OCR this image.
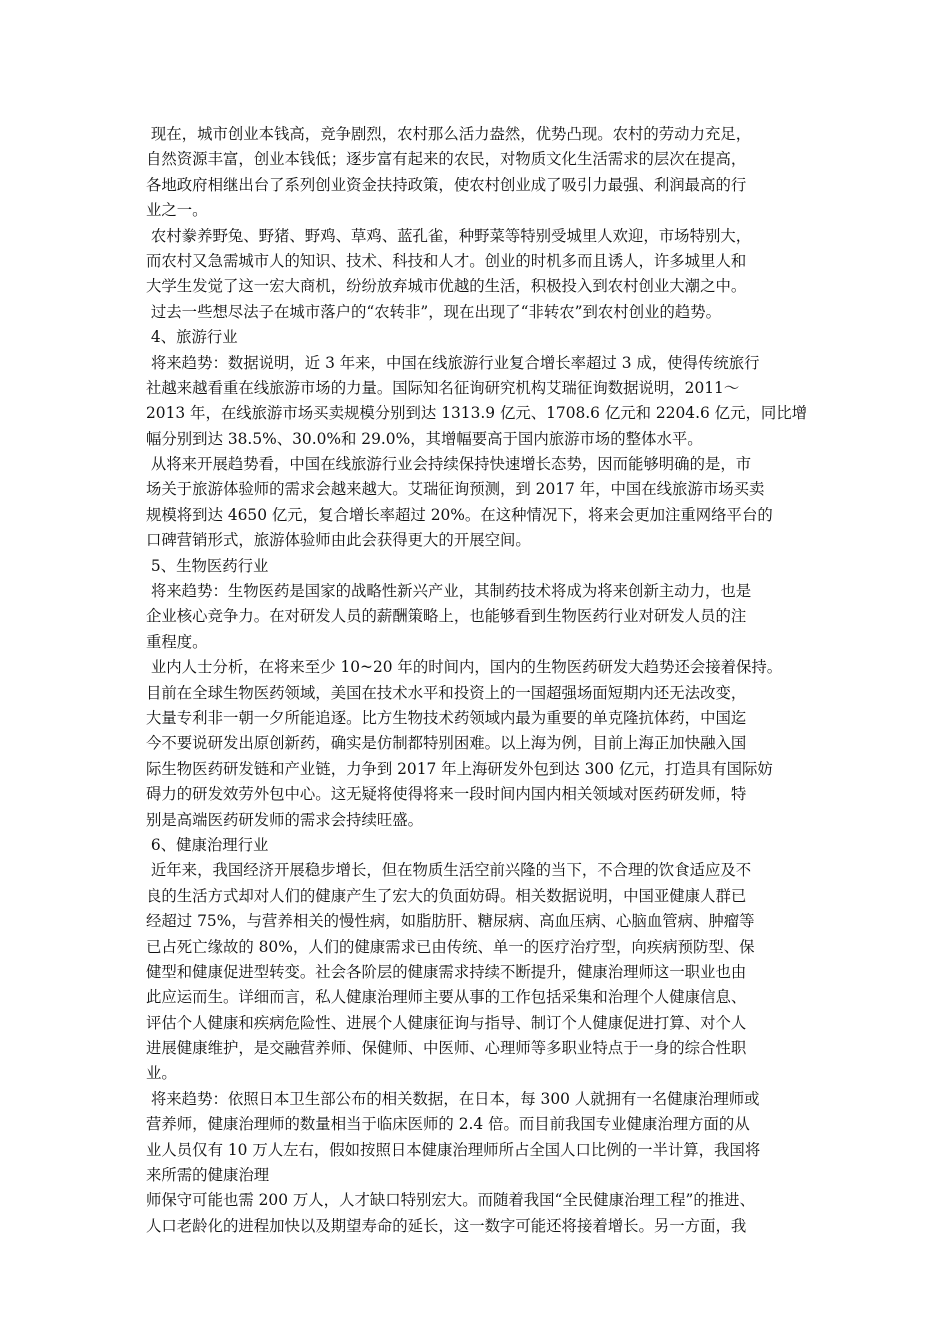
现在，城市创业本钱高，竞争剧烈，农村那么活力盎然，优势凸现。农村的劳动力充足，
自然资源丰富，创业本钱低；逐步富有起来的农民，对物质文化生活需求的层次在提高，
各地政府相继出台了系列创业资金扶持政策，使农村创业成了吸引力最强、利润最高的行
业之一。
农村豢养野兔、野猪、野鸡、草鸡、蓝孔雀，种野菜等特别受城里人欢迎，市场特别大，
而农村又急需城市人的知识、技术、科技和人才。创业的时机多而且诱人，许多城里人和
大学生发觉了这一宏大商机，纷纷放弃城市优越的生活，积极投入到农村创业大潮之中。
过去一些想尽法子在城市落户的“农转非”，现在出现了“非转农”到农村创业的趋势。
4、旅游行业
将来趋势：数据说明，近 3 年来，中国在线旅游行业复合增长率超过 3 成，使得传统旅行
社越来越看重在线旅游市场的力量。国际知名征询研究机构艾瑞征询数据说明，2011～
2013 年，在线旅游市场买卖规模分别到达 1313.9 亿元、1708.6 亿元和 2204.6 亿元，同比增
幅分别到达 38.5%、30.0%和 29.0%，其增幅要高于国内旅游市场的整体水平。
从将来开展趋势看，中国在线旅游行业会持续保持快速增长态势，因而能够明确的是，市
场关于旅游体验师的需求会越来越大。艾瑞征询预测，到 2017 年，中国在线旅游市场买卖
规模将到达 4650 亿元，复合增长率超过 20%。在这种情况下，将来会更加注重网络平台的
口碑营销形式，旅游体验师由此会获得更大的开展空间。
5、生物医药行业
将来趋势：生物医药是国家的战略性新兴产业，其制药技术将成为将来创新主动力，也是
企业核心竞争力。在对研发人员的薪酬策略上，也能够看到生物医药行业对研发人员的注
重程度。
业内人士分析，在将来至少 10~20 年的时间内，国内的生物医药研发大趋势还会接着保持。
目前在全球生物医药领域，美国在技术水平和投资上的一国超强场面短期内还无法改变，
大量专利非一朝一夕所能追逐。比方生物技术药领域内最为重要的单克隆抗体药，中国迄
今不要说研发出原创新药，确实是仿制都特别困难。以上海为例，目前上海正加快融入国
际生物医药研发链和产业链，力争到 2017 年上海研发外包到达 300 亿元，打造具有国际妨
碍力的研发效劳外包中心。这无疑将使得将来一段时间内国内相关领域对医药研发师，特
别是高端医药研发师的需求会持续旺盛。
6、健康治理行业
近年来，我国经济开展稳步增长，但在物质生活空前兴隆的当下，不合理的饮食适应及不
良的生活方式却对人们的健康产生了宏大的负面妨碍。相关数据说明，中国亚健康人群已
经超过 75%，与营养相关的慢性病，如脂肪肝、糖尿病、高血压病、心脑血管病、肿瘤等
已占死亡缘故的 80%，人们的健康需求已由传统、单一的医疗治疗型，向疾病预防型、保
健型和健康促进型转变。社会各阶层的健康需求持续不断提升，健康治理师这一职业也由
此应运而生。详细而言，私人健康治理师主要从事的工作包括采集和治理个人健康信息、
评估个人健康和疾病危险性、进展个人健康征询与指导、制订个人健康促进打算、对个人
进展健康维护，是交融营养师、保健师、中医师、心理师等多职业特点于一身的综合性职
业。
将来趋势：依照日本卫生部公布的相关数据，在日本，每 300 人就拥有一名健康治理师或
营养师，健康治理师的数量相当于临床医师的 2.4 倍。而目前我国专业健康治理方面的从
业人员仅有 10 万人左右，假如按照日本健康治理师所占全国人口比例的一半计算，我国将
来所需的健康治理
师保守可能也需 200 万人，人才缺口特别宏大。而随着我国“全民健康治理工程”的推进、
人口老龄化的进程加快以及期望寿命的延长，这一数字可能还将接着增长。另一方面，我
